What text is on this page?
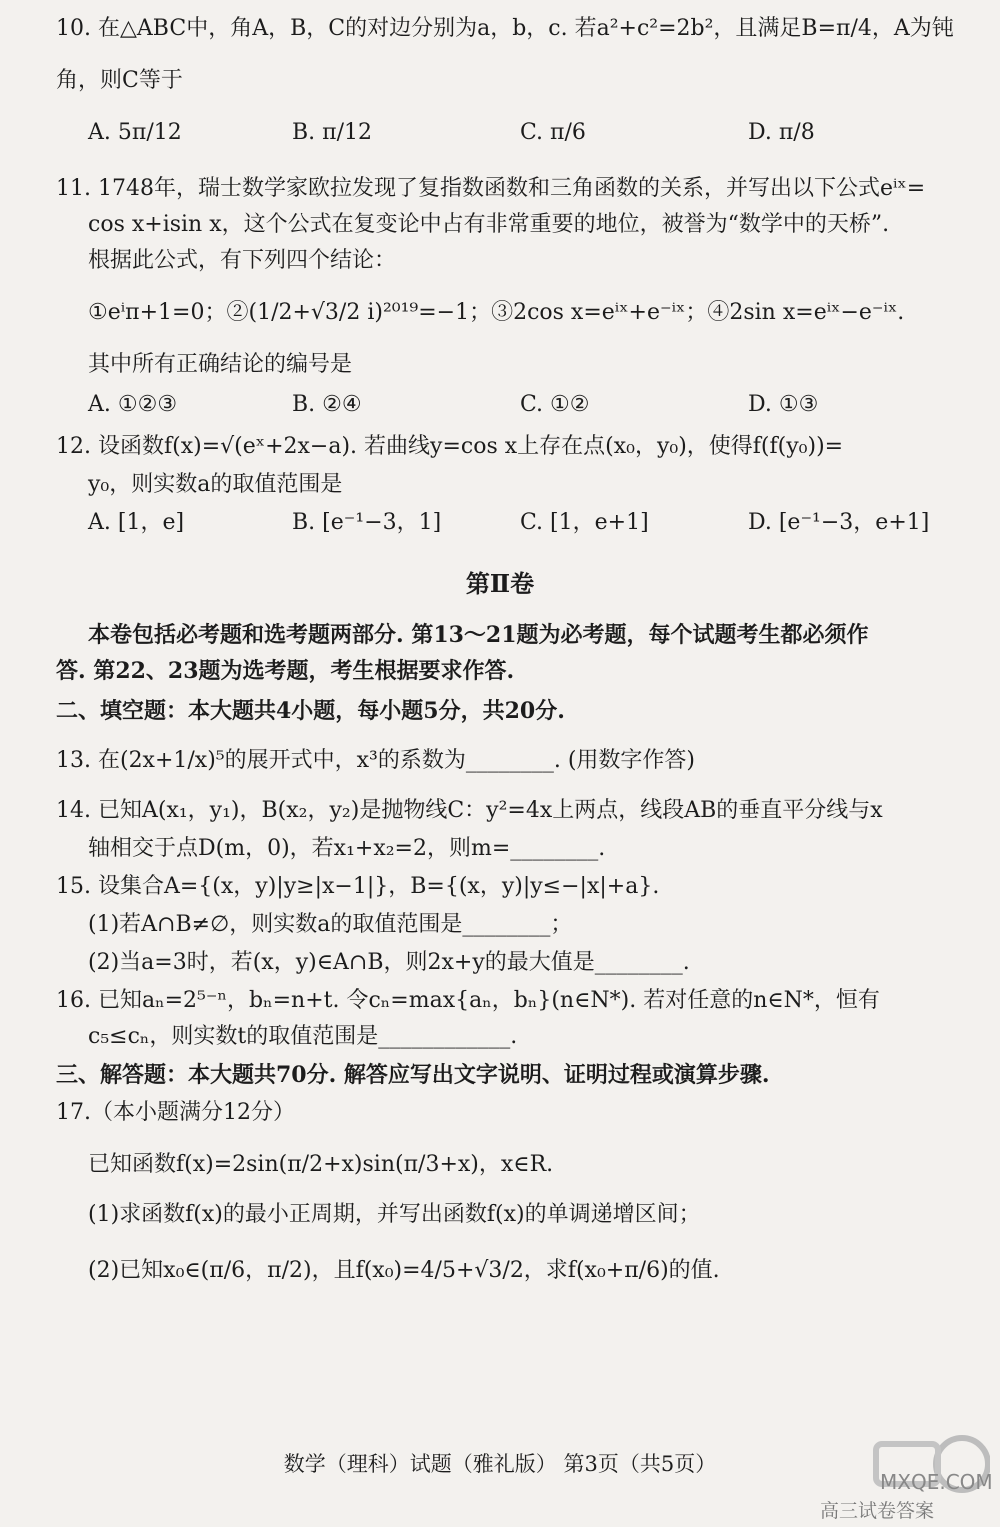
10. 在△ABC中，角A，B，C的对边分别为a，b，c. 若a²+c²=2b²，且满足B=π/4，A为钝
角，则C等于
A. 5π/12	B. π/12	C. π/6	D. π/8
11. 1748年，瑞士数学家欧拉发现了复指数函数和三角函数的关系，并写出以下公式eⁱˣ=
cos x+isin x，这个公式在复变论中占有非常重要的地位，被誉为“数学中的天桥”.
根据此公式，有下列四个结论：
①eⁱπ+1=0；②(1/2+√3/2 i)²⁰¹⁹=−1；③2cos x=eⁱˣ+e⁻ⁱˣ；④2sin x=eⁱˣ−e⁻ⁱˣ.
其中所有正确结论的编号是
A. ①②③	B. ②④	C. ①②	D. ①③
12. 设函数f(x)=√(eˣ+2x−a). 若曲线y=cos x上存在点(x₀，y₀)，使得f(f(y₀))=
y₀，则实数a的取值范围是
A. [1，e]	B. [e⁻¹−3，1]	C. [1，e+1]	D. [e⁻¹−3，e+1]
第Ⅱ卷
本卷包括必考题和选考题两部分. 第13～21题为必考题，每个试题考生都必须作
答. 第22、23题为选考题，考生根据要求作答.
二、填空题：本大题共4小题，每小题5分，共20分.
13. 在(2x+1/x)⁵的展开式中，x³的系数为________. (用数字作答)
14. 已知A(x₁，y₁)，B(x₂，y₂)是抛物线C：y²=4x上两点，线段AB的垂直平分线与x
轴相交于点D(m，0)，若x₁+x₂=2，则m=________.
15. 设集合A={(x，y)|y≥|x−1|}，B={(x，y)|y≤−|x|+a}.
(1)若A∩B≠∅，则实数a的取值范围是________；
(2)当a=3时，若(x，y)∈A∩B，则2x+y的最大值是________.
16. 已知aₙ=2⁵⁻ⁿ，bₙ=n+t. 令cₙ=max{aₙ，bₙ}(n∈N*). 若对任意的n∈N*，恒有
c₅≤cₙ，则实数t的取值范围是____________.
三、解答题：本大题共70分. 解答应写出文字说明、证明过程或演算步骤.
17.（本小题满分12分）
已知函数f(x)=2sin(π/2+x)sin(π/3+x)，x∈R.
(1)求函数f(x)的最小正周期，并写出函数f(x)的单调递增区间；
(2)已知x₀∈(π/6，π/2)，且f(x₀)=4/5+√3/2，求f(x₀+π/6)的值.
数学（理科）试题（雅礼版） 第3页（共5页）
MXQE.COM
高三试卷答案
